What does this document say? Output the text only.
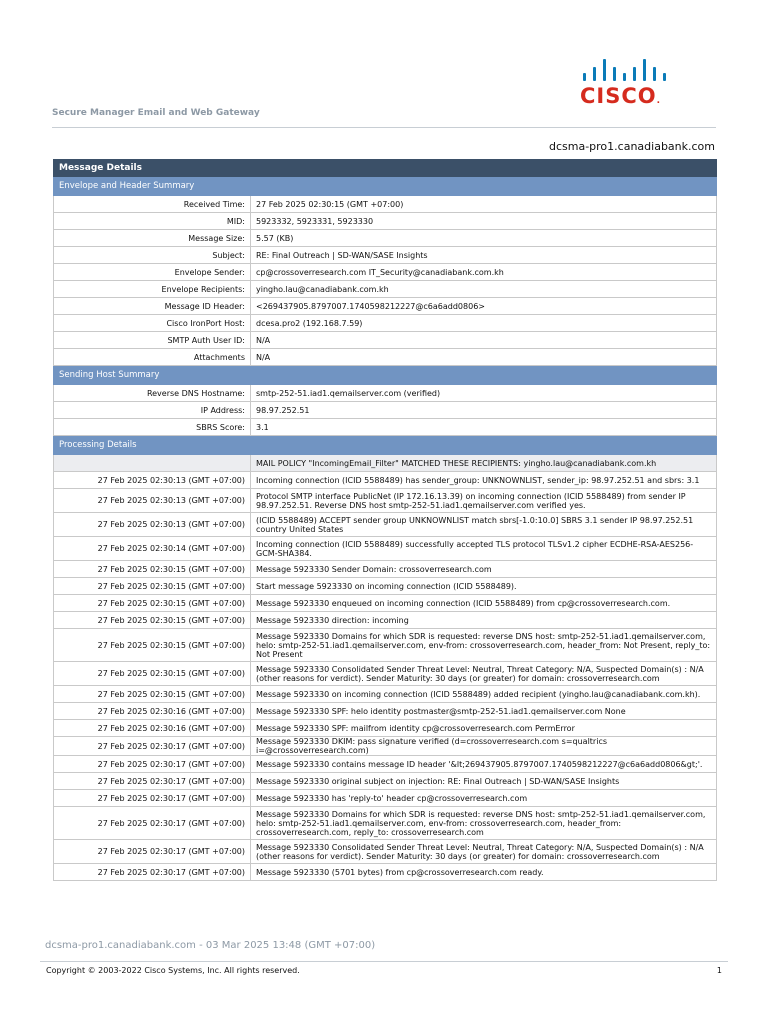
CISCO.
Secure Manager Email and Web Gateway
dcsma-pro1.canadiabank.com
Message Details	
Envelope and Header Summary	
Received Time:	27 Feb 2025 02:30:15 (GMT +07:00)
MID:	5923332, 5923331, 5923330
Message Size:	5.57 (KB)
Subject:	RE: Final Outreach | SD-WAN/SASE Insights
Envelope Sender:	cp@crossoverresearch.com IT_Security@canadiabank.com.kh
Envelope Recipients:	yingho.lau@canadiabank.com.kh
Message ID Header:	<269437905.8797007.1740598212227@c6a6add0806>
Cisco IronPort Host:	dcesa.pro2 (192.168.7.59)
SMTP Auth User ID:	N/A
Attachments	N/A
Sending Host Summary	
Reverse DNS Hostname:	smtp-252-51.iad1.qemailserver.com (verified)
IP Address:	98.97.252.51
SBRS Score:	3.1
Processing Details	
	MAIL POLICY "IncomingEmail_Filter" MATCHED THESE RECIPIENTS: yingho.lau@canadiabank.com.kh
27 Feb 2025 02:30:13 (GMT +07:00)	Incoming connection (ICID 5588489) has sender_group: UNKNOWNLIST, sender_ip: 98.97.252.51 and sbrs: 3.1
27 Feb 2025 02:30:13 (GMT +07:00)	Protocol SMTP interface PublicNet (IP 172.16.13.39) on incoming connection (ICID 5588489) from sender IP 98.97.252.51. Reverse DNS host smtp-252-51.iad1.qemailserver.com verified yes.
27 Feb 2025 02:30:13 (GMT +07:00)	(ICID 5588489) ACCEPT sender group UNKNOWNLIST match sbrs[-1.0:10.0] SBRS 3.1 sender IP 98.97.252.51 country United States
27 Feb 2025 02:30:14 (GMT +07:00)	Incoming connection (ICID 5588489) successfully accepted TLS protocol TLSv1.2 cipher ECDHE-RSA-AES256-GCM-SHA384.
27 Feb 2025 02:30:15 (GMT +07:00)	Message 5923330 Sender Domain: crossoverresearch.com
27 Feb 2025 02:30:15 (GMT +07:00)	Start message 5923330 on incoming connection (ICID 5588489).
27 Feb 2025 02:30:15 (GMT +07:00)	Message 5923330 enqueued on incoming connection (ICID 5588489) from cp@crossoverresearch.com.
27 Feb 2025 02:30:15 (GMT +07:00)	Message 5923330 direction: incoming
27 Feb 2025 02:30:15 (GMT +07:00)	Message 5923330 Domains for which SDR is requested: reverse DNS host: smtp-252-51.iad1.qemailserver.com, helo: smtp-252-51.iad1.qemailserver.com, env-from: crossoverresearch.com, header_from: Not Present, reply_to: Not Present
27 Feb 2025 02:30:15 (GMT +07:00)	Message 5923330 Consolidated Sender Threat Level: Neutral, Threat Category: N/A, Suspected Domain(s) : N/A (other reasons for verdict). Sender Maturity: 30 days (or greater) for domain: crossoverresearch.com
27 Feb 2025 02:30:15 (GMT +07:00)	Message 5923330 on incoming connection (ICID 5588489) added recipient (yingho.lau@canadiabank.com.kh).
27 Feb 2025 02:30:16 (GMT +07:00)	Message 5923330 SPF: helo identity postmaster@smtp-252-51.iad1.qemailserver.com None
27 Feb 2025 02:30:16 (GMT +07:00)	Message 5923330 SPF: mailfrom identity cp@crossoverresearch.com PermError
27 Feb 2025 02:30:17 (GMT +07:00)	Message 5923330 DKIM: pass signature verified (d=crossoverresearch.com s=qualtrics i=@crossoverresearch.com)
27 Feb 2025 02:30:17 (GMT +07:00)	Message 5923330 contains message ID header '&lt;269437905.8797007.1740598212227@c6a6add0806&gt;'.
27 Feb 2025 02:30:17 (GMT +07:00)	Message 5923330 original subject on injection: RE: Final Outreach | SD-WAN/SASE Insights
27 Feb 2025 02:30:17 (GMT +07:00)	Message 5923330 has 'reply-to' header cp@crossoverresearch.com
27 Feb 2025 02:30:17 (GMT +07:00)	Message 5923330 Domains for which SDR is requested: reverse DNS host: smtp-252-51.iad1.qemailserver.com, helo: smtp-252-51.iad1.qemailserver.com, env-from: crossoverresearch.com, header_from: crossoverresearch.com, reply_to: crossoverresearch.com
27 Feb 2025 02:30:17 (GMT +07:00)	Message 5923330 Consolidated Sender Threat Level: Neutral, Threat Category: N/A, Suspected Domain(s) : N/A (other reasons for verdict). Sender Maturity: 30 days (or greater) for domain: crossoverresearch.com
27 Feb 2025 02:30:17 (GMT +07:00)	Message 5923330 (5701 bytes) from cp@crossoverresearch.com ready.
dcsma-pro1.canadiabank.com - 03 Mar 2025 13:48 (GMT +07:00)
Copyright © 2003-2022 Cisco Systems, Inc. All rights reserved.	1
